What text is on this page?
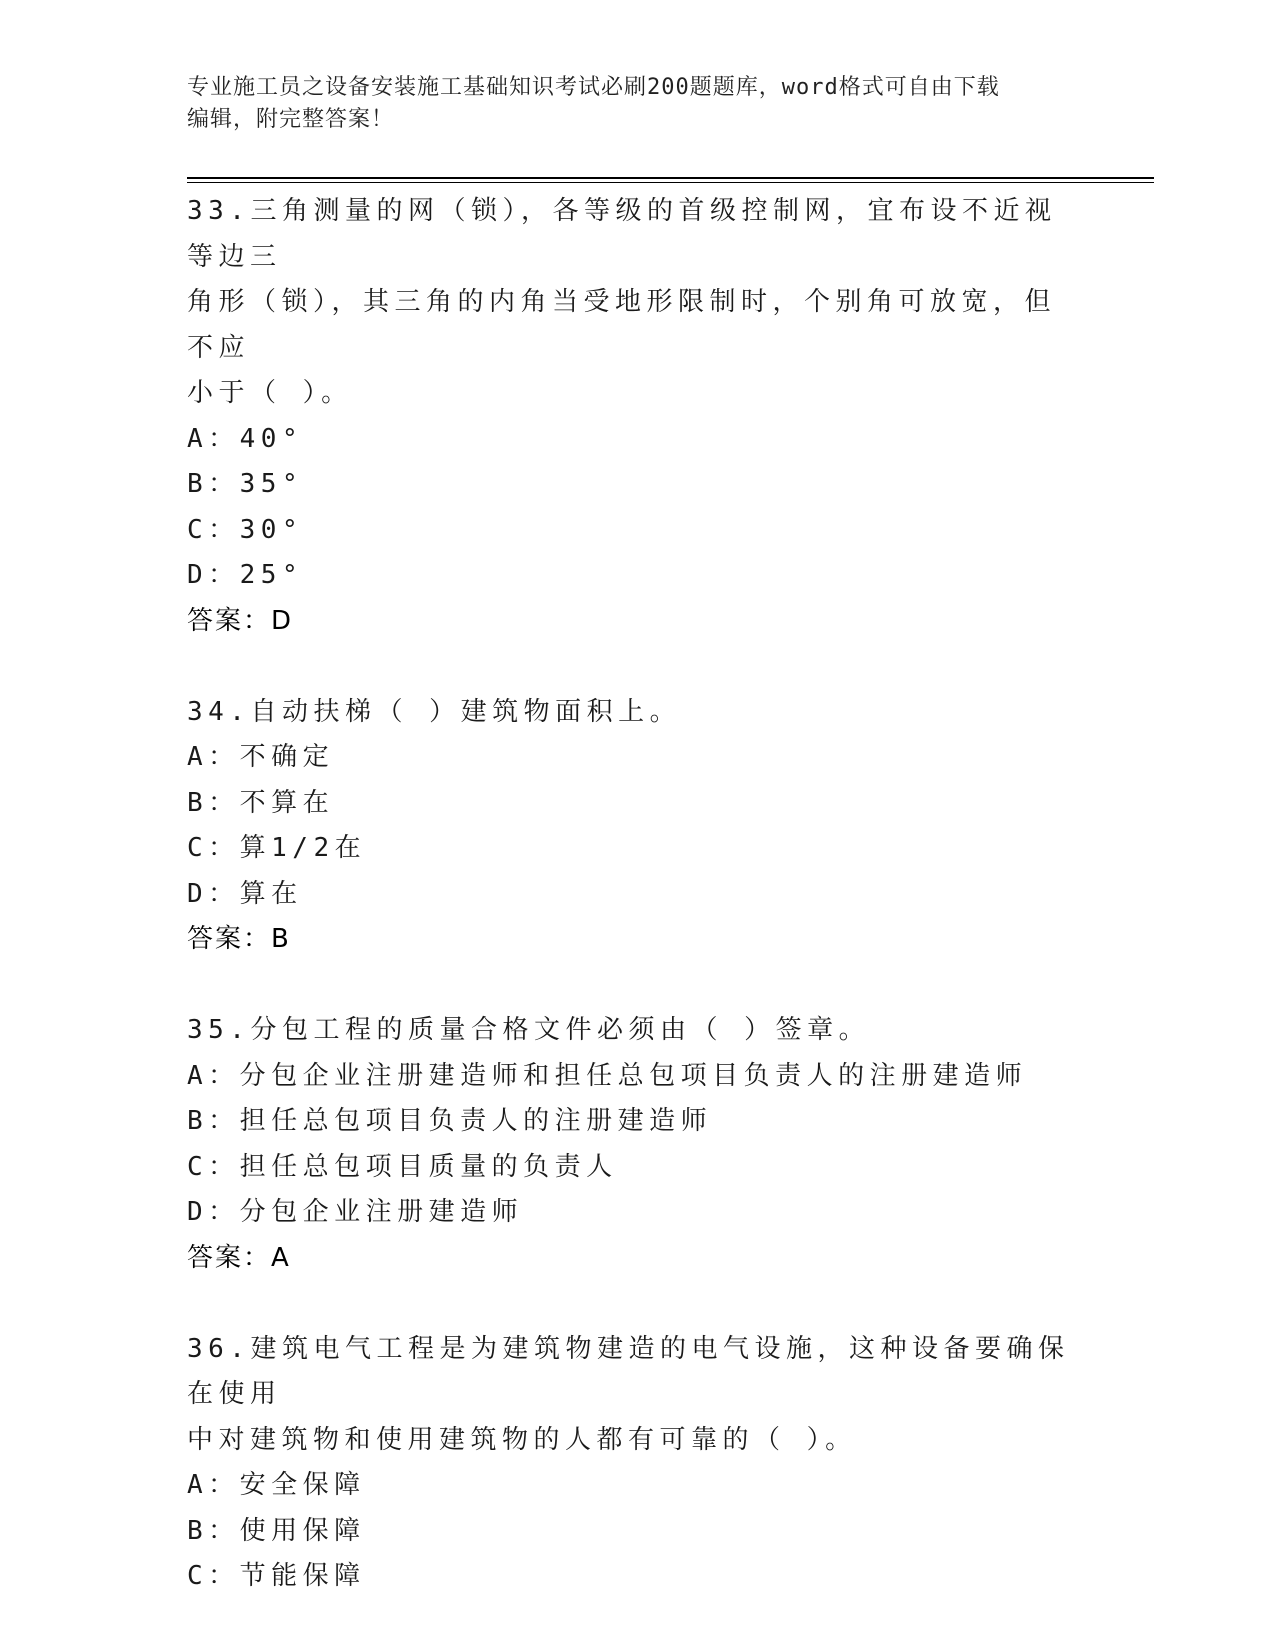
专业施工员之设备安装施工基础知识考试必刷200题题库，word格式可自由下载
编辑，附完整答案！

33.三角测量的网（锁），各等级的首级控制网，宜布设不近视等边三

角形（锁），其三角的内角当受地形限制时，个别角可放宽，但不应

小于（ ）。

A：40°

B：35°

C：30°

D：25°

答案：D

34.自动扶梯（ ）建筑物面积上。

A：不确定

B：不算在

C：算1/2在

D：算在

答案：B

35.分包工程的质量合格文件必须由（ ）签章。

A：分包企业注册建造师和担任总包项目负责人的注册建造师

B：担任总包项目负责人的注册建造师

C：担任总包项目质量的负责人

D：分包企业注册建造师

答案：A

36.建筑电气工程是为建筑物建造的电气设施，这种设备要确保在使用

中对建筑物和使用建筑物的人都有可靠的（ ）。

A：安全保障

B：使用保障

C：节能保障
